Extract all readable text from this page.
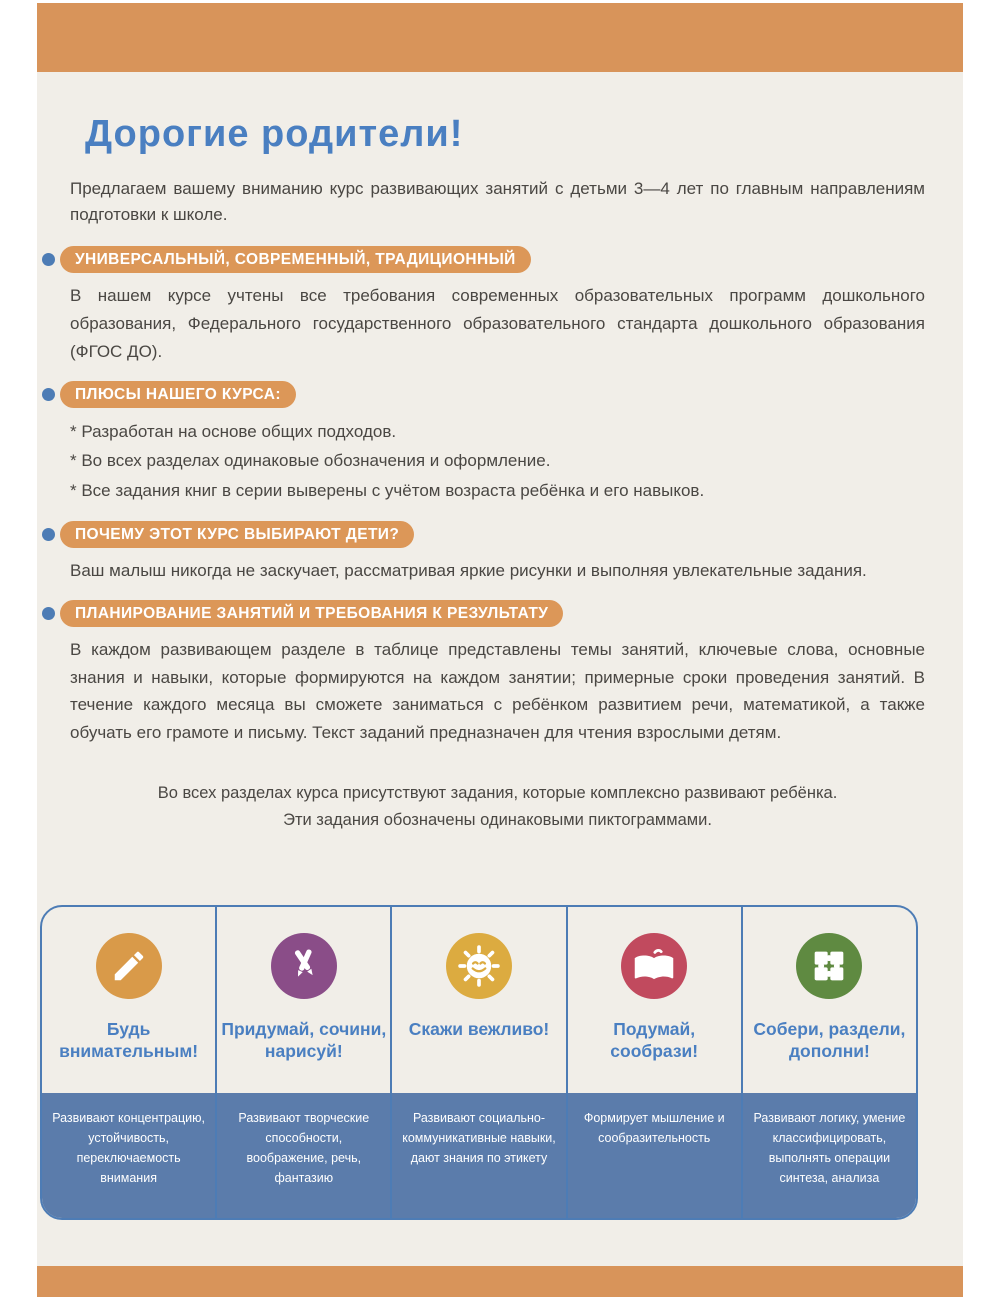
Дорогие родители!

Предлагаем вашему вниманию курс развивающих занятий с детьми 3—4 лет по главным направлениям подготовки к школе.

УНИВЕРСАЛЬНЫЙ, СОВРЕМЕННЫЙ, ТРАДИЦИОННЫЙ

В нашем курсе учтены все требования современных образовательных программ дошкольного образования, Федерального государственного образовательного стандарта дошкольного образования (ФГОС ДО).

ПЛЮСЫ НАШЕГО КУРСА:
* Разработан на основе общих подходов.
* Во всех разделах одинаковые обозначения и оформление.
* Все задания книг в серии выверены с учётом возраста ребёнка и его навыков.
ПОЧЕМУ ЭТОТ КУРС ВЫБИРАЮТ ДЕТИ?

Ваш малыш никогда не заскучает, рассматривая яркие рисунки и выполняя увлекательные задания.

ПЛАНИРОВАНИЕ ЗАНЯТИЙ И ТРЕБОВАНИЯ К РЕЗУЛЬТАТУ

В каждом развивающем разделе в таблице представлены темы занятий, ключевые слова, основные знания и навыки, которые формируются на каждом занятии; примерные сроки проведения занятий. В течение каждого месяца вы сможете заниматься с ребёнком развитием речи, математикой, а также обучать его грамоте и письму. Текст заданий предназначен для чтения взрослыми детям.

Во всех разделах курса присутствуют задания, которые комплексно развивают ребёнка.
Эти задания обозначены одинаковыми пиктограммами.
Будь внимательным!
Развивают концентрацию, устойчивость, переключаемость внимания
Придумай, сочини, нарисуй!
Развивают творческие способности, воображение, речь, фантазию
Скажи вежливо!
Развивают социально-коммуникативные навыки, дают знания по этикету
Подумай, сообрази!
Формирует мышление и сообразительность
Собери, раздели, дополни!
Развивают логику, умение классифицировать, выполнять операции синтеза, анализа
